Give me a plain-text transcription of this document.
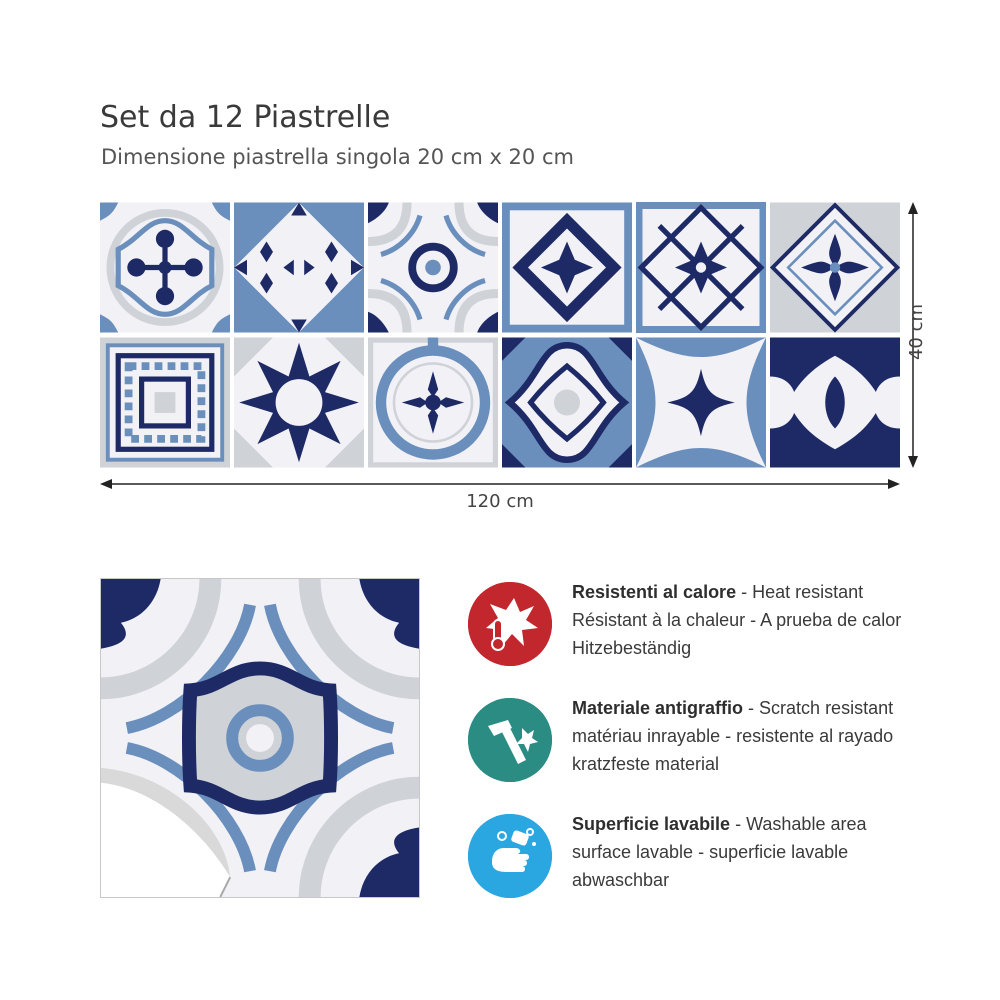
Set da 12 Piastrelle
Dimensione piastrella singola 20 cm x 20 cm
120 cm
40 cm
Resistenti al calore - Heat resistant
Résistant à la chaleur - A prueba de calor
Hitzebeständig
Materiale antigraffio - Scratch resistant
matériau inrayable - resistente al rayado
kratzfeste material
Superficie lavabile - Washable area
surface lavable - superficie lavable
abwaschbar
